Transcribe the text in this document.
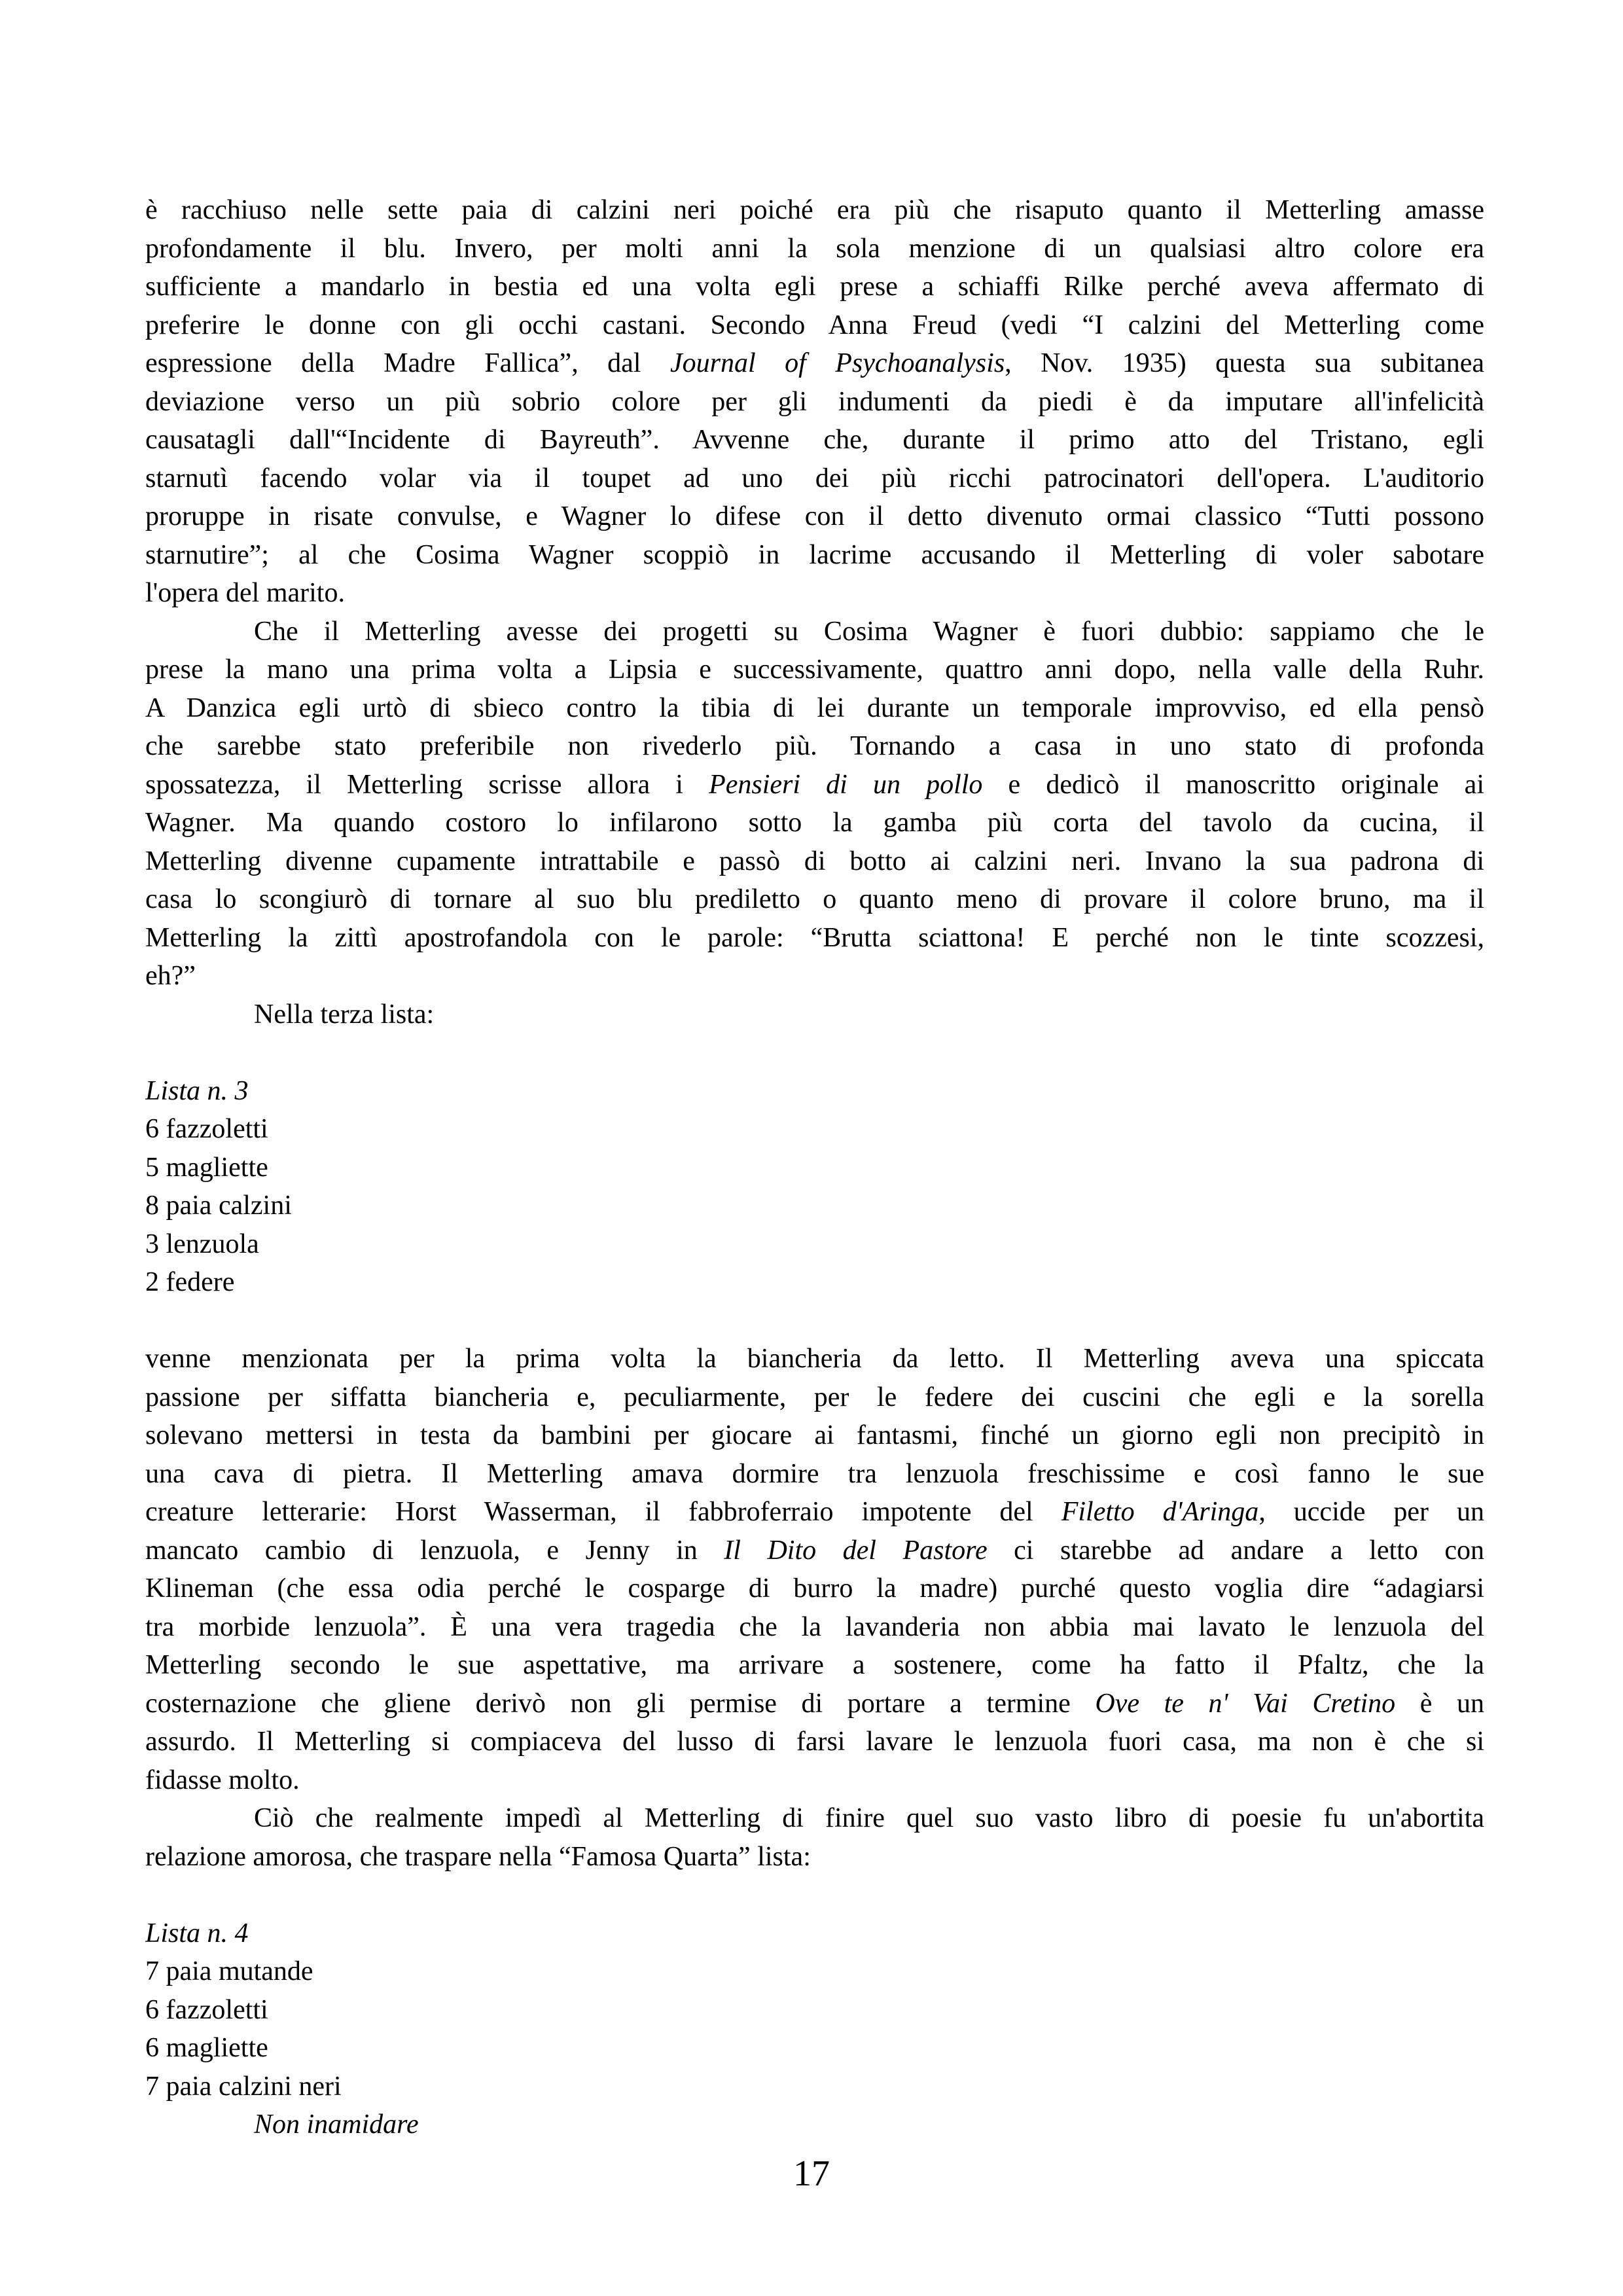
è racchiuso nelle sette paia di calzini neri poiché era più che risaputo quanto il Metterling amasse
profondamente il blu. Invero, per molti anni la sola menzione di un qualsiasi altro colore era
sufficiente a mandarlo in bestia ed una volta egli prese a schiaffi Rilke perché aveva affermato di
preferire le donne con gli occhi castani. Secondo Anna Freud (vedi “I calzini del Metterling come
espressione della Madre Fallica”, dal Journal of Psychoanalysis, Nov. 1935) questa sua subitanea
deviazione verso un più sobrio colore per gli indumenti da piedi è da imputare all'infelicità
causatagli dall'“Incidente di Bayreuth”. Avvenne che, durante il primo atto del Tristano, egli
starnutì facendo volar via il toupet ad uno dei più ricchi patrocinatori dell'opera. L'auditorio
proruppe in risate convulse, e Wagner lo difese con il detto divenuto ormai classico “Tutti possono
starnutire”; al che Cosima Wagner scoppiò in lacrime accusando il Metterling di voler sabotare
l'opera del marito.
Che il Metterling avesse dei progetti su Cosima Wagner è fuori dubbio: sappiamo che le
prese la mano una prima volta a Lipsia e successivamente, quattro anni dopo, nella valle della Ruhr.
A Danzica egli urtò di sbieco contro la tibia di lei durante un temporale improvviso, ed ella pensò
che sarebbe stato preferibile non rivederlo più. Tornando a casa in uno stato di profonda
spossatezza, il Metterling scrisse allora i Pensieri di un pollo e dedicò il manoscritto originale ai
Wagner. Ma quando costoro lo infilarono sotto la gamba più corta del tavolo da cucina, il
Metterling divenne cupamente intrattabile e passò di botto ai calzini neri. Invano la sua padrona di
casa lo scongiurò di tornare al suo blu prediletto o quanto meno di provare il colore bruno, ma il
Metterling la zittì apostrofandola con le parole: “Brutta sciattona! E perché non le tinte scozzesi,
eh?”
Nella terza lista:
Lista n. 3
6 fazzoletti
5 magliette
8 paia calzini
3 lenzuola
2 federe
venne menzionata per la prima volta la biancheria da letto. Il Metterling aveva una spiccata
passione per siffatta biancheria e, peculiarmente, per le federe dei cuscini che egli e la sorella
solevano mettersi in testa da bambini per giocare ai fantasmi, finché un giorno egli non precipitò in
una cava di pietra. Il Metterling amava dormire tra lenzuola freschissime e così fanno le sue
creature letterarie: Horst Wasserman, il fabbroferraio impotente del Filetto d'Aringa, uccide per un
mancato cambio di lenzuola, e Jenny in Il Dito del Pastore ci starebbe ad andare a letto con
Klineman (che essa odia perché le cosparge di burro la madre) purché questo voglia dire “adagiarsi
tra morbide lenzuola”. È una vera tragedia che la lavanderia non abbia mai lavato le lenzuola del
Metterling secondo le sue aspettative, ma arrivare a sostenere, come ha fatto il Pfaltz, che la
costernazione che gliene derivò non gli permise di portare a termine Ove te n' Vai Cretino è un
assurdo. Il Metterling si compiaceva del lusso di farsi lavare le lenzuola fuori casa, ma non è che si
fidasse molto.
Ciò che realmente impedì al Metterling di finire quel suo vasto libro di poesie fu un'abortita
relazione amorosa, che traspare nella “Famosa Quarta” lista:
Lista n. 4
7 paia mutande
6 fazzoletti
6 magliette
7 paia calzini neri
Non inamidare
17
